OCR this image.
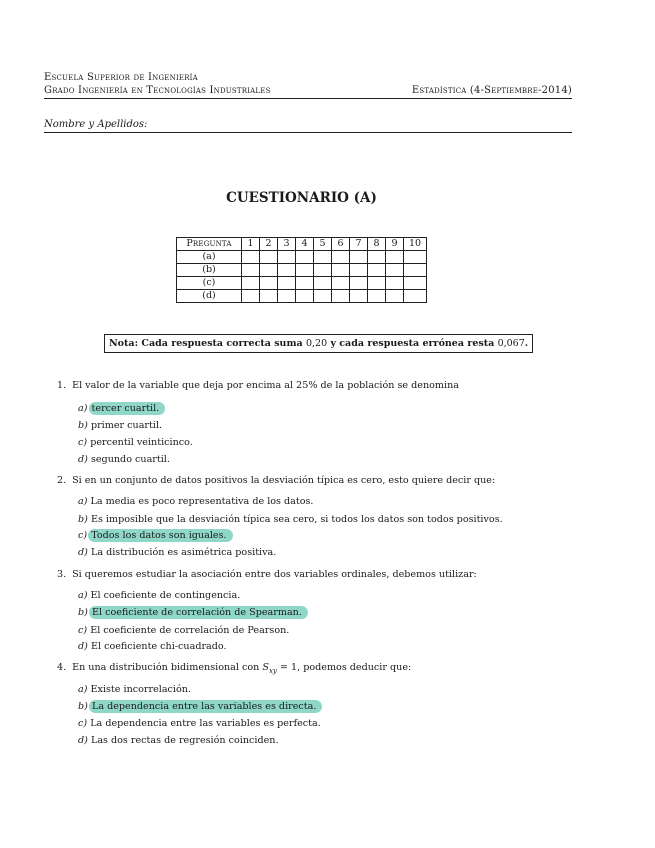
Escuela Superior de Ingeniería
Grado Ingeniería en Tecnologías Industriales	Estadística (4-Septiembre-2014)
Nombre y Apellidos:
CUESTIONARIO (A)
Pregunta	1	2	3	4	5	6	7	8	9	10
(a)										
(b)										
(c)										
(d)										
Nota: Cada respuesta correcta suma 0,20 y cada respuesta errónea resta 0,067.
1. El valor de la variable que deja por encima al 25% de la población se denomina
a) tercer cuartil.
b) primer cuartil.
c) percentil veinticinco.
d) segundo cuartil.
2. Si en un conjunto de datos positivos la desviación típica es cero, esto quiere decir que:
a) La media es poco representativa de los datos.
b) Es imposible que la desviación típica sea cero, si todos los datos son todos positivos.
c) Todos los datos son iguales.
d) La distribución es asimétrica positiva.
3. Si queremos estudiar la asociación entre dos variables ordinales, debemos utilizar:
a) El coeficiente de contingencia.
b) El coeficiente de correlación de Spearman.
c) El coeficiente de correlación de Pearson.
d) El coeficiente chi-cuadrado.
4. En una distribución bidimensional con $S_{xy} = 1$, podemos deducir que:
a) Existe incorrelación.
b) La dependencia entre las variables es directa.
c) La dependencia entre las variables es perfecta.
d) Las dos rectas de regresión coinciden.
